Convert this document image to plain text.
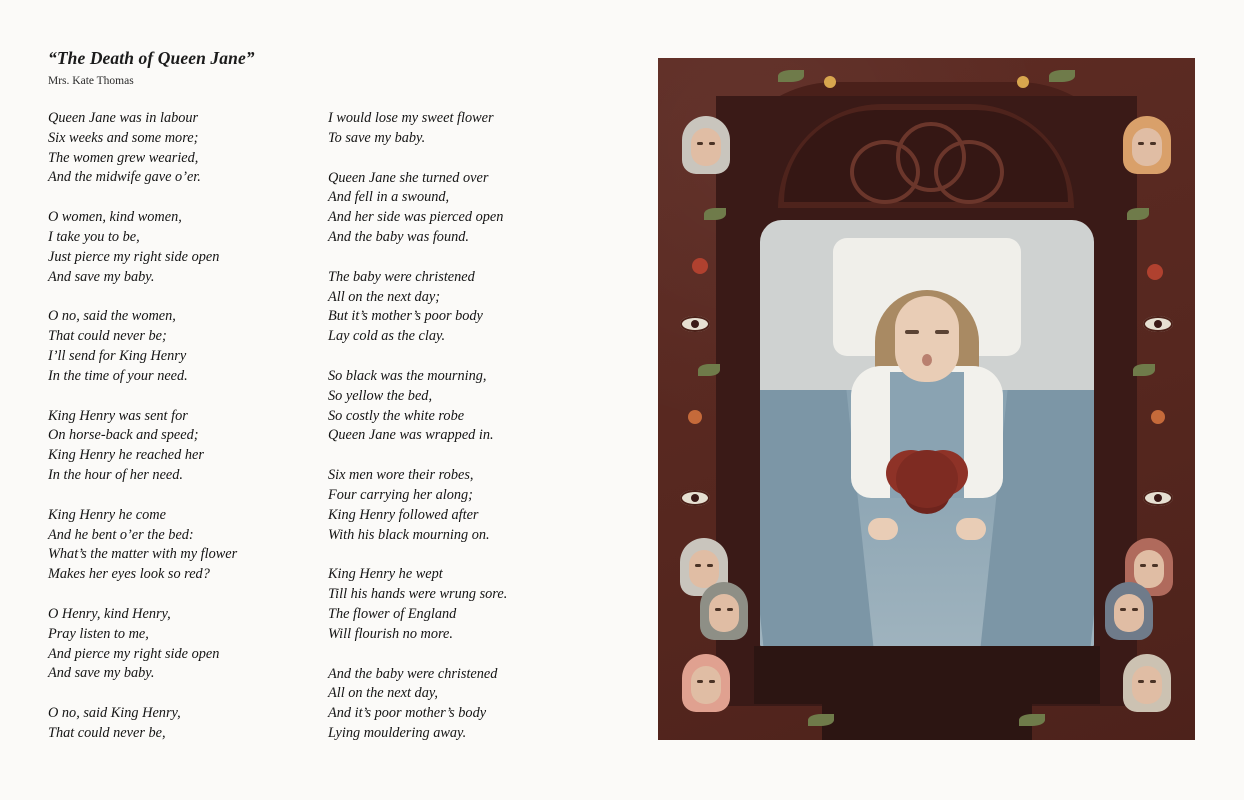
“The Death of Queen Jane”
Mrs. Kate Thomas
Queen Jane was in labour
Six weeks and some more;
The women grew wearied,
And the midwife gave o’er.
O women, kind women,
I take you to be,
Just pierce my right side open
And save my baby.
O no, said the women,
That could never be;
I’ll send for King Henry
In the time of your need.
King Henry was sent for
On horse-back and speed;
King Henry he reached her
In the hour of her need.
King Henry he come
And he bent o’er the bed:
What’s the matter with my flower
Makes her eyes look so red?
O Henry, kind Henry,
Pray listen to me,
And pierce my right side open
And save my baby.
O no, said King Henry,
That could never be,
I would lose my sweet flower
To save my baby.
Queen Jane she turned over
And fell in a swound,
And her side was pierced open
And the baby was found.
The baby were christened
All on the next day;
But it’s mother’s poor body
Lay cold as the clay.
So black was the mourning,
So yellow the bed,
So costly the white robe
Queen Jane was wrapped in.
Six men wore their robes,
Four carrying her along;
King Henry followed after
With his black mourning on.
King Henry he wept
Till his hands were wrung sore.
The flower of England
Will flourish no more.
And the baby were christened
All on the next day,
And it’s poor mother’s body
Lying mouldering away.
